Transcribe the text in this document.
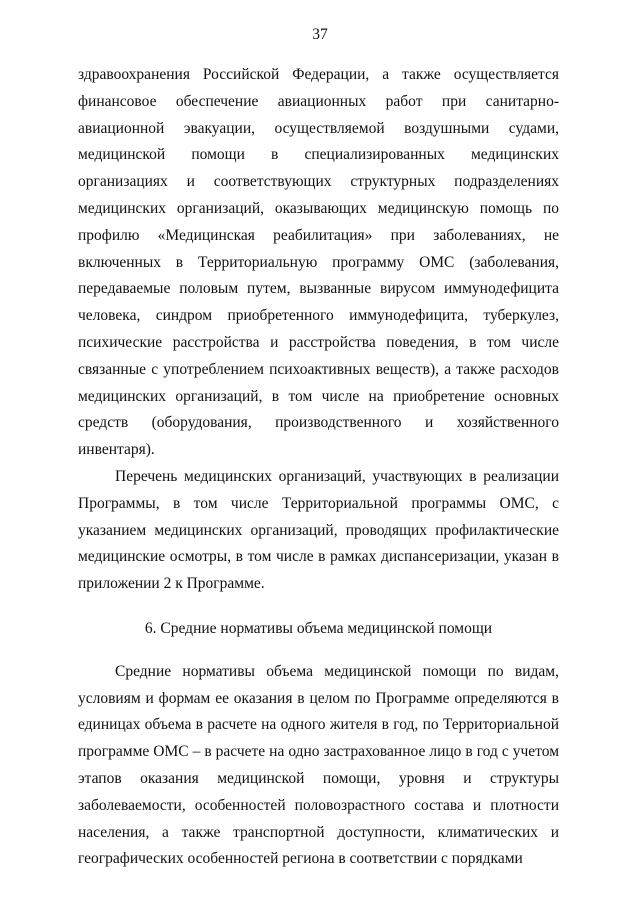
37

здравоохранения Российской Федерации, а также осуществляется финансовое обеспечение авиационных работ при санитарно-авиационной эвакуации, осуществляемой воздушными судами, медицинской помощи в специализированных медицинских организациях и соответствующих структурных подразделениях медицинских организаций, оказывающих медицинскую помощь по профилю «Медицинская реабилитация» при заболеваниях, не включенных в Территориальную программу ОМС (заболевания, передаваемые половым путем, вызванные вирусом иммунодефицита человека, синдром приобретенного иммунодефицита, туберкулез, психические расстройства и расстройства поведения, в том числе связанные с употреблением психоактивных веществ), а также расходов медицинских организаций, в том числе на приобретение основных средств (оборудования, производственного и хозяйственного инвентаря).

Перечень медицинских организаций, участвующих в реализации Программы, в том числе Территориальной программы ОМС, с указанием медицинских организаций, проводящих профилактические медицинские осмотры, в том числе в рамках диспансеризации, указан в приложении 2 к Программе.

6. Средние нормативы объема медицинской помощи

Средние нормативы объема медицинской помощи по видам, условиям и формам ее оказания в целом по Программе определяются в единицах объема в расчете на одного жителя в год, по Территориальной программе ОМС – в расчете на одно застрахованное лицо в год с учетом этапов оказания медицинской помощи, уровня и структуры заболеваемости, особенностей половозрастного состава и плотности населения, а также транспортной доступности, климатических и географических особенностей региона в соответствии с порядками
